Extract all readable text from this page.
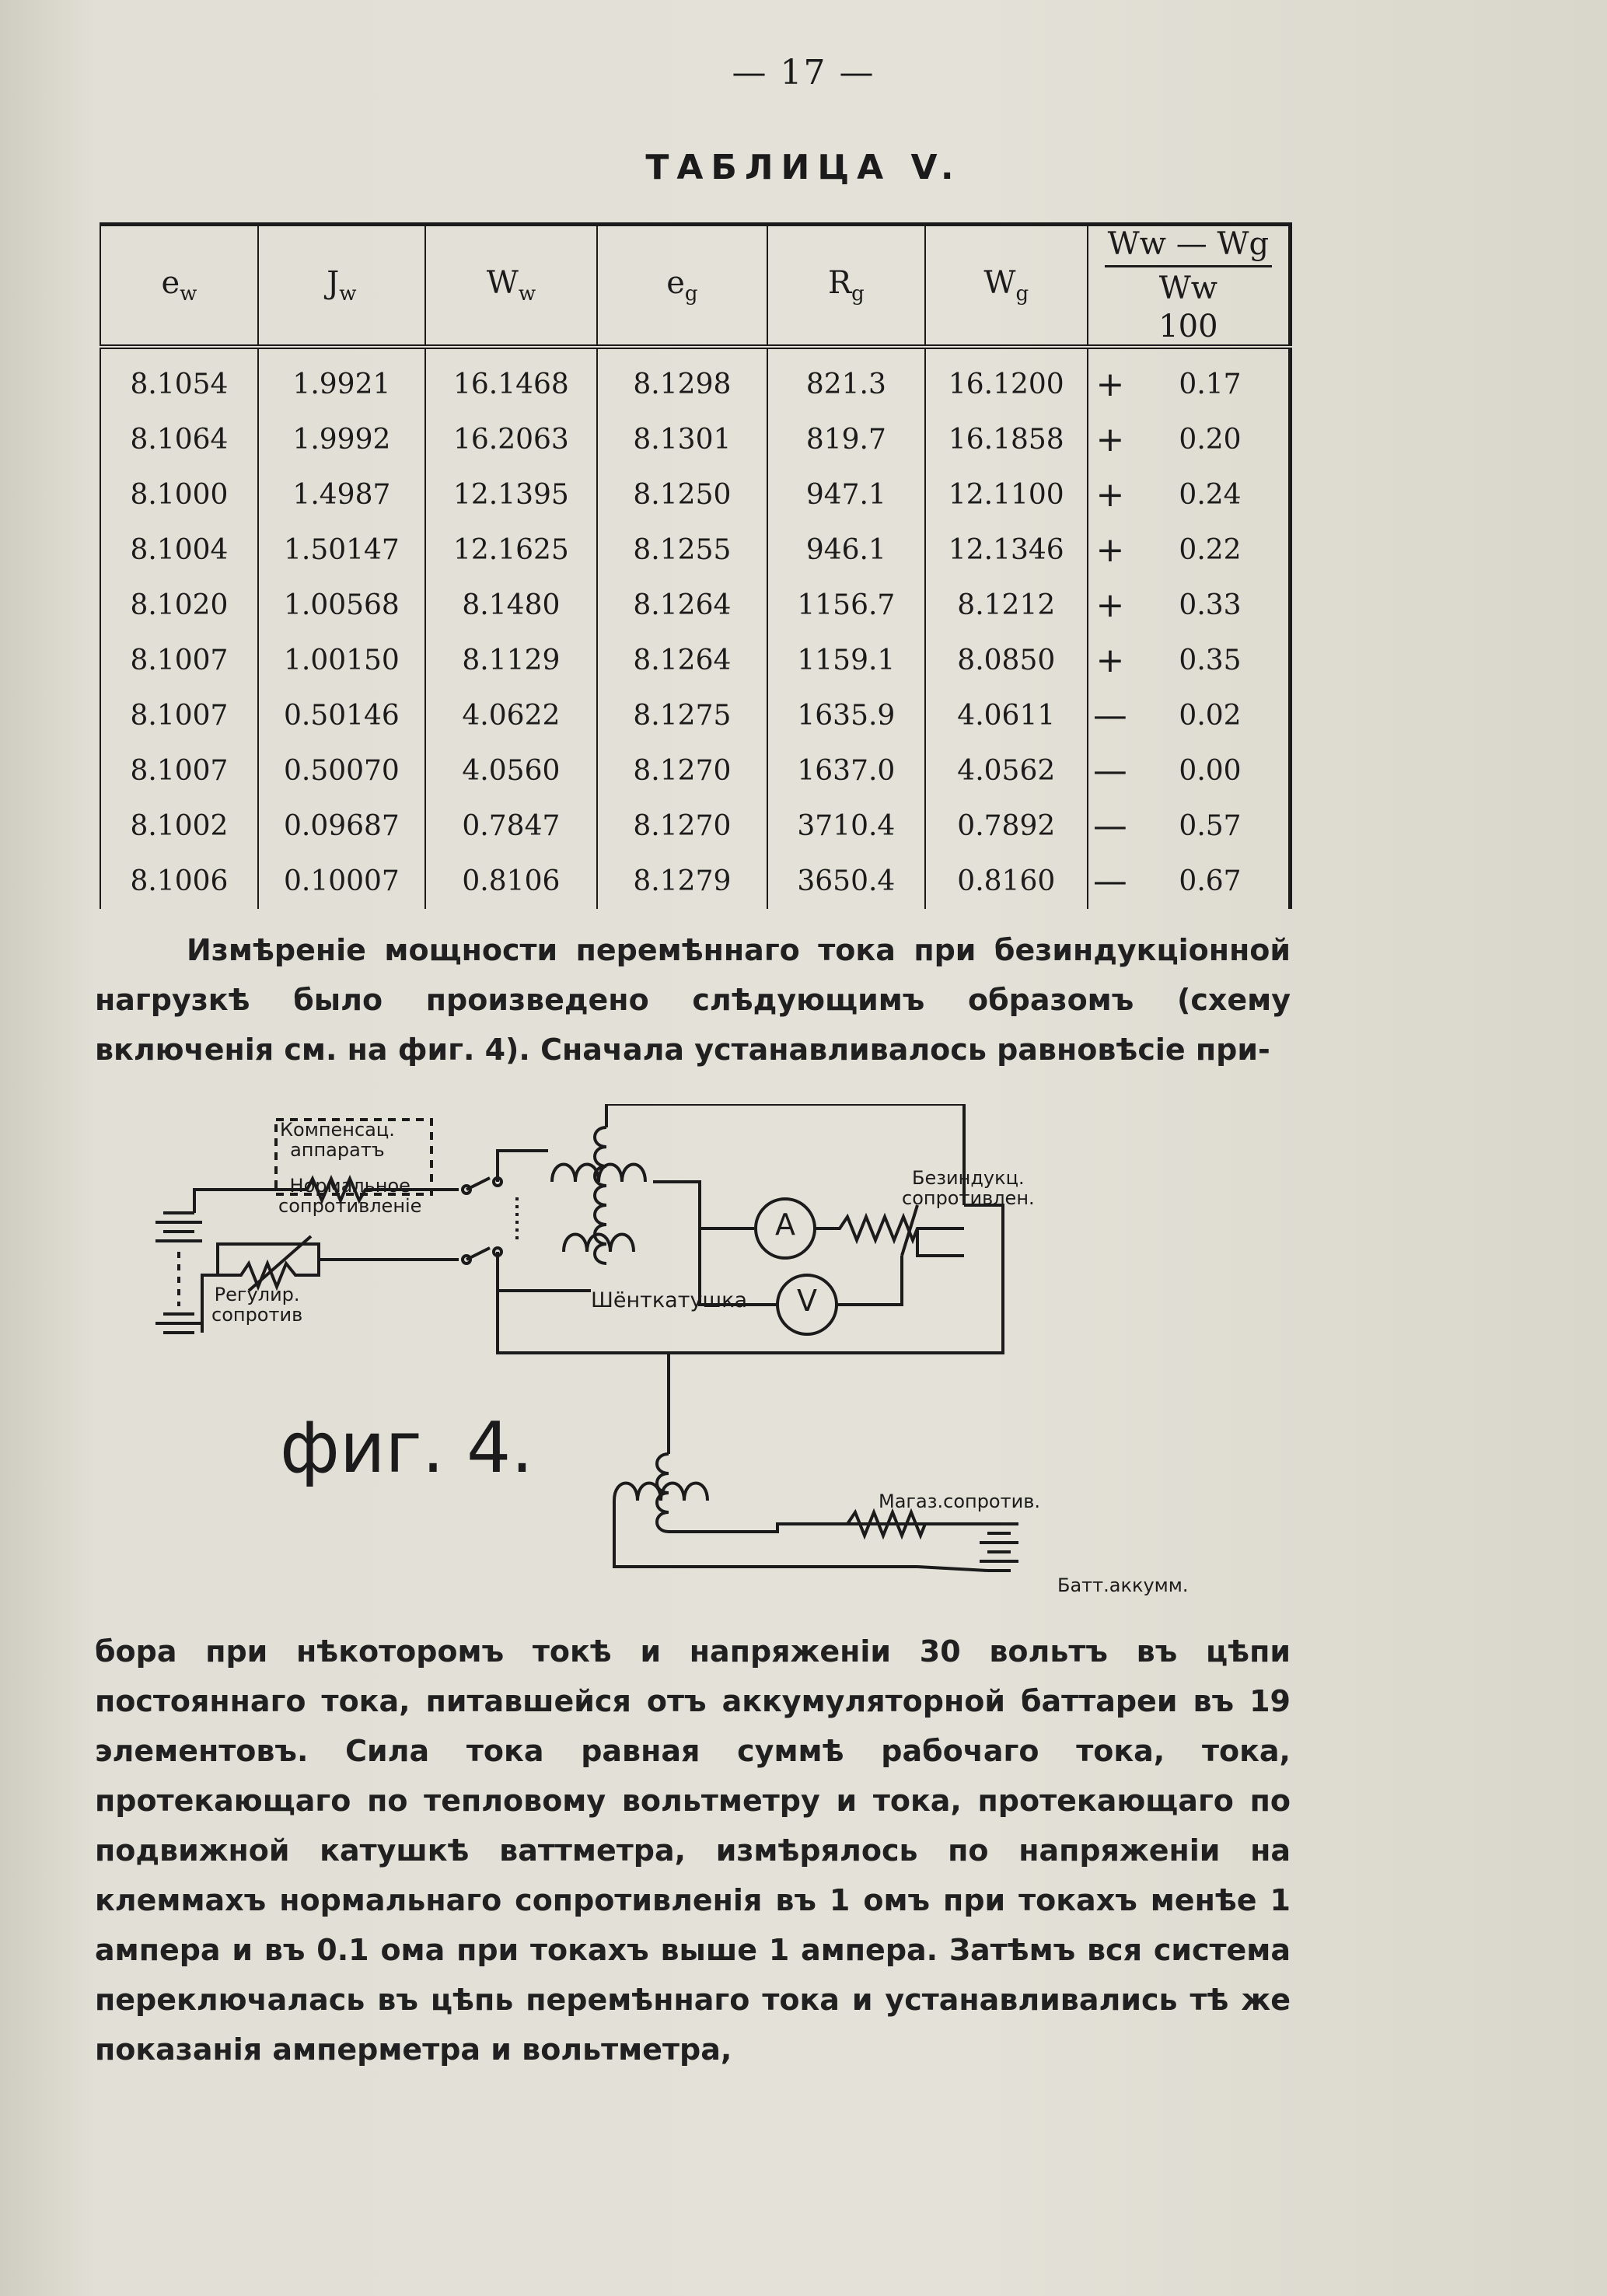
— 17 —
ТАБЛИЦА V.
$e_w$	$J_w$	$W_w$	$e_g$	$R_g$	$W_g$	$\frac{Ww — Wg}{Ww}$
100	
8.1054	1.9921	16.1468	8.1298	821.3	16.1200	+	0.17
8.1064	1.9992	16.2063	8.1301	819.7	16.1858	+	0.20
8.1000	1.4987	12.1395	8.1250	947.1	12.1100	+	0.24
8.1004	1.50147	12.1625	8.1255	946.1	12.1346	+	0.22
8.1020	1.00568	8.1480	8.1264	1156.7	8.1212	+	0.33
8.1007	1.00150	8.1129	8.1264	1159.1	8.0850	+	0.35
8.1007	0.50146	4.0622	8.1275	1635.9	4.0611	—	0.02
8.1007	0.50070	4.0560	8.1270	1637.0	4.0562	—	0.00
8.1002	0.09687	0.7847	8.1270	3710.4	0.7892	—	0.57
8.1006	0.10007	0.8106	8.1279	3650.4	0.8160	—	0.67

Измѣреніе мощности перемѣннаго тока при безиндукціонной нагрузкѣ было произведено слѣдующимъ образомъ (схему включенія см. на фиг. 4). Сначала устанавливалось равновѣсіе при-

Компенсац.
аппаратъ
Нормальное
сопротивленіе
Регулир.
сопротив
Шёнткатушка
Безиндукц.
сопротивлен.
A
V
Магаз.сопротив.
Батт.аккумм.
фиг. 4.

бора при нѣкоторомъ токѣ и напряженіи 30 вольтъ въ цѣпи постояннаго тока, питавшейся отъ аккумуляторной баттареи въ 19 элементовъ. Сила тока равная суммѣ рабочаго тока, тока, протекающаго по тепловому вольтметру и тока, протекающаго по подвижной катушкѣ ваттметра, измѣрялось по напряженіи на клеммахъ нормальнаго сопротивленія въ 1 омъ при токахъ менѣе 1 ампера и въ 0.1 ома при токахъ выше 1 ампера. Затѣмъ вся система переключалась въ цѣпь перемѣннаго тока и устанавливались тѣ же показанія амперметра и вольтметра,
